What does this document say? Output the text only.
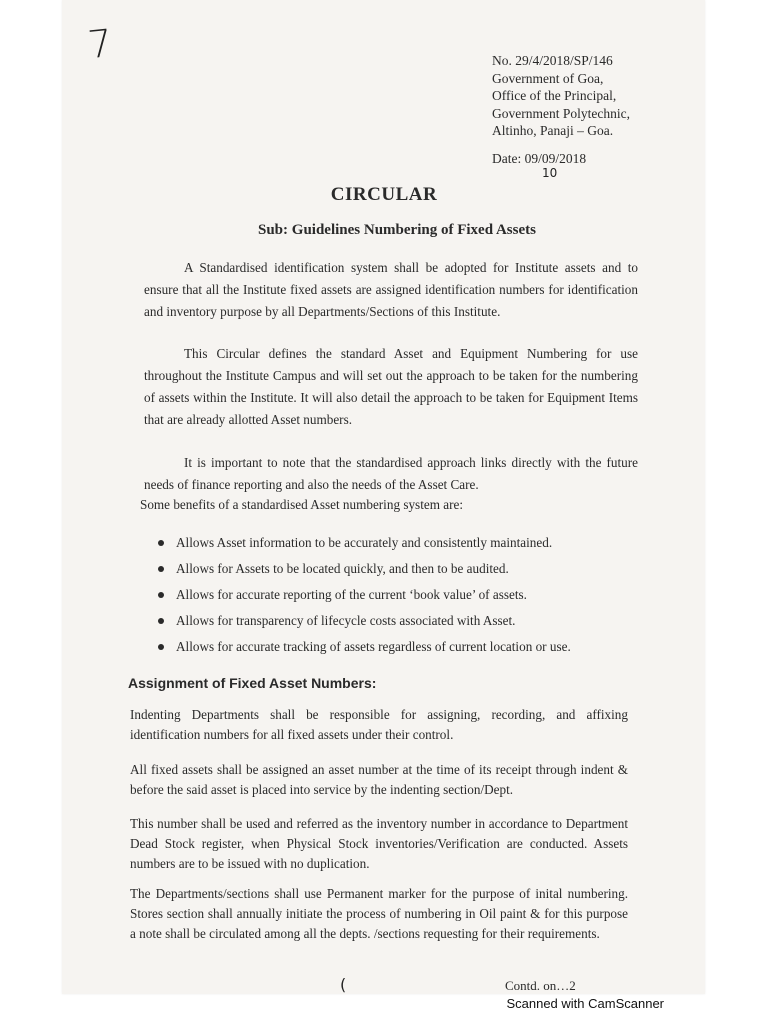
7	No. 29/4/2018/SP/146
Government of Goa,
Office of the Principal,
Government Polytechnic,
Altinho, Panaji – Goa.
Date: 09/09/2018
10
CIRCULAR
Sub: Guidelines Numbering of Fixed Assets
A Standardised identification system shall be adopted for Institute assets and to ensure that all the Institute fixed assets are assigned identification numbers for identification and inventory purpose by all Departments/Sections of this Institute.
This Circular defines the standard Asset and Equipment Numbering for use throughout the Institute Campus and will set out the approach to be taken for the numbering of assets within the Institute. It will also detail the approach to be taken for Equipment Items that are already allotted Asset numbers.
It is important to note that the standardised approach links directly with the future needs of finance reporting and also the needs of the Asset Care.
Some benefits of a standardised Asset numbering system are:
Allows Asset information to be accurately and consistently maintained.
Allows for Assets to be located quickly, and then to be audited.
Allows for accurate reporting of the current ‘book value’ of assets.
Allows for transparency of lifecycle costs associated with Asset.
Allows for accurate tracking of assets regardless of current location or use.
Assignment of Fixed Asset Numbers:
Indenting Departments shall be responsible for assigning, recording, and affixing identification numbers for all fixed assets under their control.
All fixed assets shall be assigned an asset number at the time of its receipt through indent & before the said asset is placed into service by the indenting section/Dept.
This number shall be used and referred as the inventory number in accordance to Department Dead Stock register, when Physical Stock inventories/Verification are conducted. Assets numbers are to be issued with no duplication.
The Departments/sections shall use Permanent marker for the purpose of inital numbering. Stores section shall annually initiate the process of numbering in Oil paint & for this purpose a note shall be circulated among all the depts. /sections requesting for their requirements.
(	Contd. on…2
Scanned with CamScanner
